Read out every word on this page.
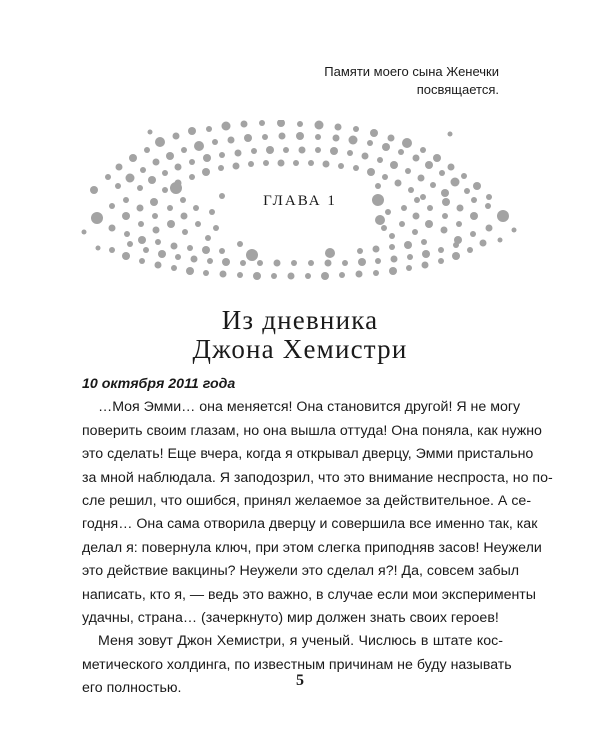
Памяти моего сына Женечки
посвящается.
ГЛАВА 1
Из дневника
Джона Хемистри
10 октября 2011 года
…Моя Эмми… она меняется! Она становится другой! Я не могу
поверить своим глазам, но она вышла оттуда! Она поняла, как нужно
это сделать! Еще вчера, когда я открывал дверцу, Эмми пристально
за мной наблюдала. Я заподозрил, что это внимание неспроста, но по-
сле решил, что ошибся, принял желаемое за действительное. А се-
годня… Она сама отворила дверцу и совершила все именно так, как
делал я: повернула ключ, при этом слегка приподняв засов! Неужели
это действие вакцины? Неужели это сделал я?! Да, совсем забыл
написать, кто я, — ведь это важно, в случае если мои эксперименты
удачны, страна… (зачеркнуто) мир должен знать своих героев!
Меня зовут Джон Хемистри, я ученый. Числюсь в штате кос-
метического холдинга, по известным причинам не буду называть
его полностью.	5
